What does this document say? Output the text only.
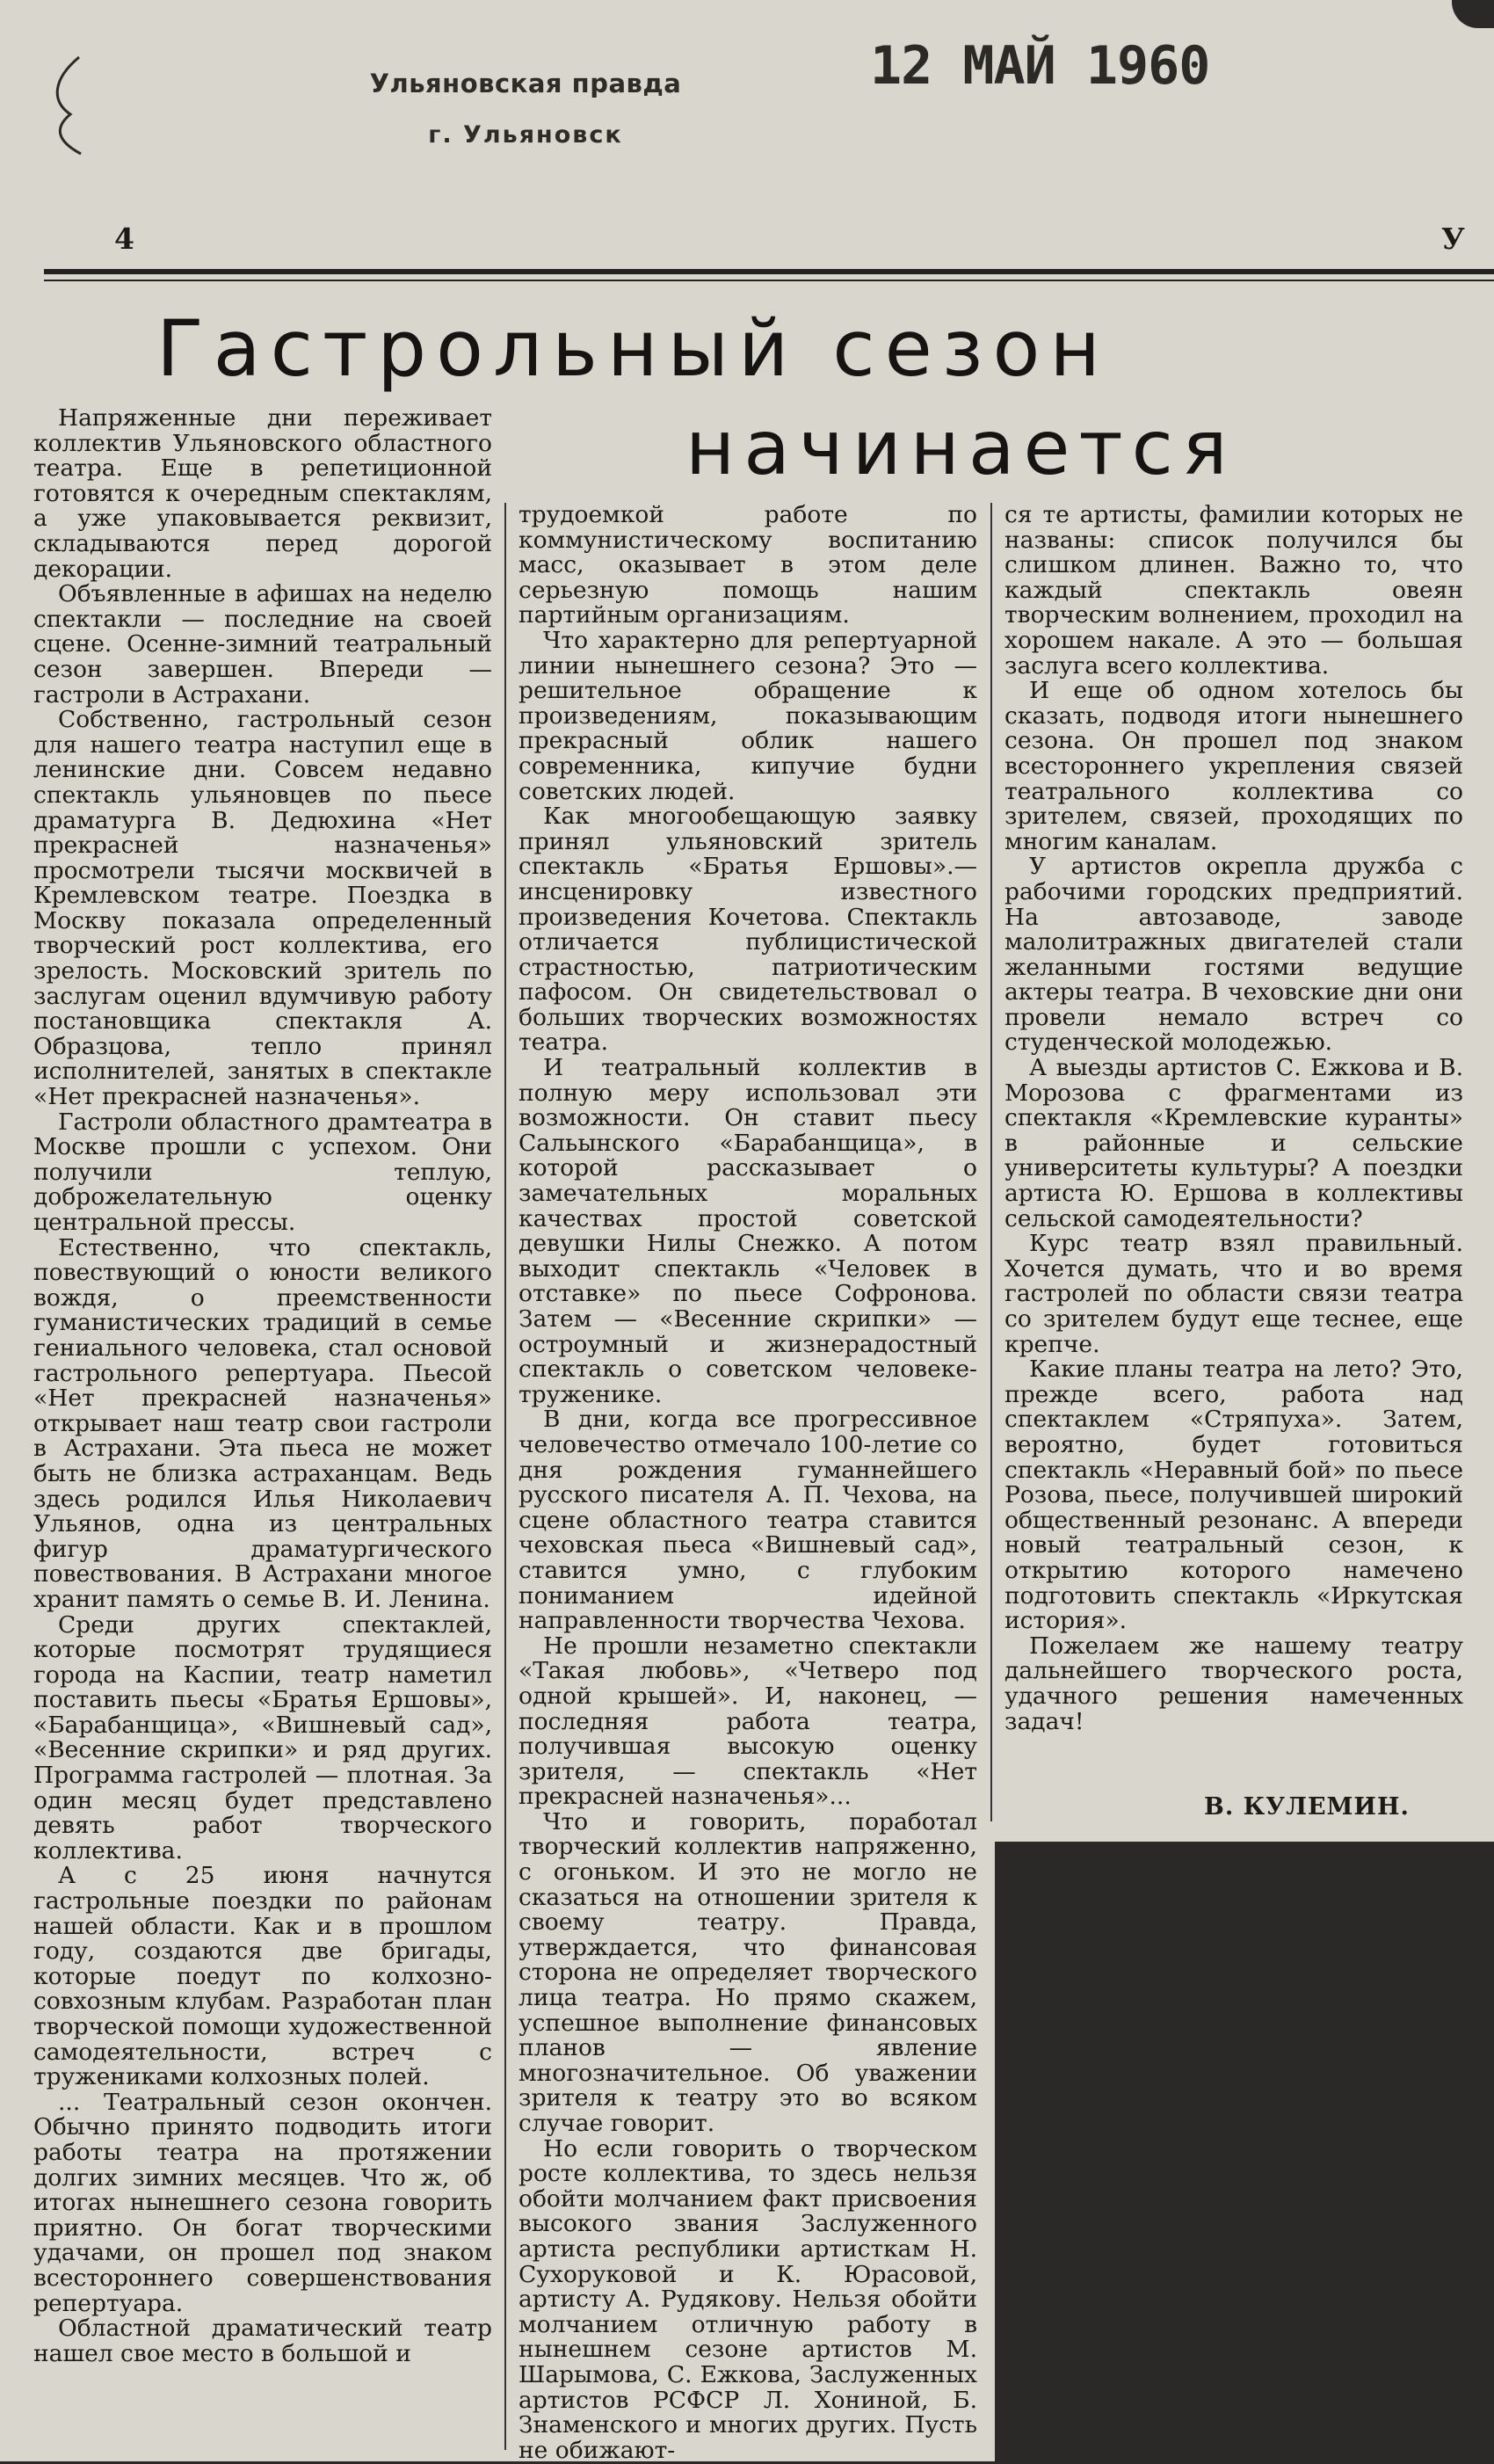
Ульяновская правда
г. Ульяновск
12 МАЙ 1960
4	У
Гастрольный сезон
начинается

Напряженные дни переживает коллектив Ульяновского областного театра. Еще в репетиционной готовятся к очередным спектаклям, а уже упаковывается реквизит, складываются перед дорогой декорации.

Объявленные в афишах на неделю спектакли — последние на своей сцене. Осенне-зимний театральный сезон завершен. Впереди — гастроли в Астрахани.

Собственно, гастрольный сезон для нашего театра наступил еще в ленинские дни. Совсем недавно спектакль ульяновцев по пьесе драматурга В. Дедюхина «Нет прекрасней назначенья» просмотрели тысячи москвичей в Кремлевском театре. Поездка в Москву показала определенный творческий рост коллектива, его зрелость. Московский зритель по заслугам оценил вдумчивую работу постановщика спектакля А. Образцова, тепло принял исполнителей, занятых в спектакле «Нет прекрасней назначенья».

Гастроли областного драмтеатра в Москве прошли с успехом. Они получили теплую, доброжелательную оценку центральной прессы.

Естественно, что спектакль, повествующий о юности великого вождя, о преемственности гуманистических традиций в семье гениального человека, стал основой гастрольного репертуара. Пьесой «Нет прекрасней назначенья» открывает наш театр свои гастроли в Астрахани. Эта пьеса не может быть не близка астраханцам. Ведь здесь родился Илья Николаевич Ульянов, одна из центральных фигур драматургического повествования. В Астрахани многое хранит память о семье В. И. Ленина.

Среди других спектаклей, которые посмотрят трудящиеся города на Каспии, театр наметил поставить пьесы «Братья Ершовы», «Барабанщица», «Вишневый сад», «Весенние скрипки» и ряд других. Программа гастролей — плотная. За один месяц будет представлено девять работ творческого коллектива.

А с 25 июня начнутся гастрольные поездки по районам нашей области. Как и в прошлом году, создаются две бригады, которые поедут по колхозно-совхозным клубам. Разработан план творческой помощи художественной самодеятельности, встреч с тружениками колхозных полей.

... Театральный сезон окончен. Обычно принято подводить итоги работы театра на протяжении долгих зимних месяцев. Что ж, об итогах нынешнего сезона говорить приятно. Он богат творческими удачами, он прошел под знаком всестороннего совершенствования репертуара.

Областной драматический театр нашел свое место в большой и

трудоемкой работе по коммунистическому воспитанию масс, оказывает в этом деле серьезную помощь нашим партийным организациям.

Что характерно для репертуарной линии нынешнего сезона? Это — решительное обращение к произведениям, показывающим прекрасный облик нашего современника, кипучие будни советских людей.

Как многообещающую заявку принял ульяновский зритель спектакль «Братья Ершовы».—инсценировку известного произведения Кочетова. Спектакль отличается публицистической страстностью, патриотическим пафосом. Он свидетельствовал о больших творческих возможностях театра.

И театральный коллектив в полную меру использовал эти возможности. Он ставит пьесу Сальынского «Барабанщица», в которой рассказывает о замечательных моральных качествах простой советской девушки Нилы Снежко. А потом выходит спектакль «Человек в отставке» по пьесе Софронова. Затем — «Весенние скрипки» — остроумный и жизнерадостный спектакль о советском человеке-труженике.

В дни, когда все прогрессивное человечество отмечало 100-летие со дня рождения гуманнейшего русского писателя А. П. Чехова, на сцене областного театра ставится чеховская пьеса «Вишневый сад», ставится умно, с глубоким пониманием идейной направленности творчества Чехова.

Не прошли незаметно спектакли «Такая любовь», «Четверо под одной крышей». И, наконец, — последняя работа театра, получившая высокую оценку зрителя, — спектакль «Нет прекрасней назначенья»...

Что и говорить, поработал творческий коллектив напряженно, с огоньком. И это не могло не сказаться на отношении зрителя к своему театру. Правда, утверждается, что финансовая сторона не определяет творческого лица театра. Но прямо скажем, успешное выполнение финансовых планов — явление многозначительное. Об уважении зрителя к театру это во всяком случае говорит.

Но если говорить о творческом росте коллектива, то здесь нельзя обойти молчанием факт присвоения высокого звания Заслуженного артиста республики артисткам Н. Сухоруковой и К. Юрасовой, артисту А. Рудякову. Нельзя обойти молчанием отличную работу в нынешнем сезоне артистов М. Шарымова, С. Ежкова, Заслуженных артистов РСФСР Л. Хониной, Б. Знаменского и многих других. Пусть не обижают-

ся те артисты, фамилии которых не названы: список получился бы слишком длинен. Важно то, что каждый спектакль овеян творческим волнением, проходил на хорошем накале. А это — большая заслуга всего коллектива.

И еще об одном хотелось бы сказать, подводя итоги нынешнего сезона. Он прошел под знаком всестороннего укрепления связей театрального коллектива со зрителем, связей, проходящих по многим каналам.

У артистов окрепла дружба с рабочими городских предприятий. На автозаводе, заводе малолитражных двигателей стали желанными гостями ведущие актеры театра. В чеховские дни они провели немало встреч со студенческой молодежью.

А выезды артистов С. Ежкова и В. Морозова с фрагментами из спектакля «Кремлевские куранты» в районные и сельские университеты культуры? А поездки артиста Ю. Ершова в коллективы сельской самодеятельности?

Курс театр взял правильный. Хочется думать, что и во время гастролей по области связи театра со зрителем будут еще теснее, еще крепче.

Какие планы театра на лето? Это, прежде всего, работа над спектаклем «Стряпуха». Затем, вероятно, будет готовиться спектакль «Неравный бой» по пьесе Розова, пьесе, получившей широкий общественный резонанс. А впереди новый театральный сезон, к открытию которого намечено подготовить спектакль «Иркутская история».

Пожелаем же нашему театру дальнейшего творческого роста, удачного решения намеченных задач!

В. КУЛЕМИН.
